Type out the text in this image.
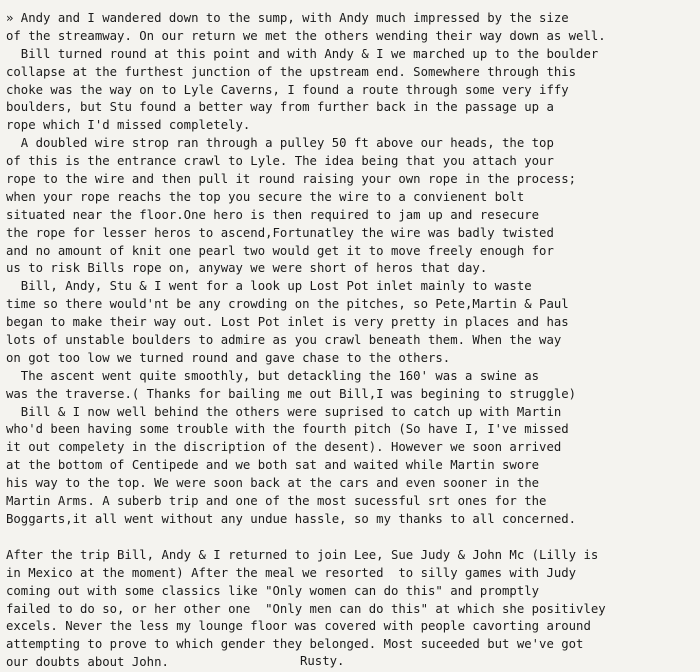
» Andy and I wandered down to the sump, with Andy much impressed by the size
of the streamway. On our return we met the others wending their way down as well.
Bill turned round at this point and with Andy & I we marched up to the boulder
collapse at the furthest junction of the upstream end. Somewhere through this
choke was the way on to Lyle Caverns, I found a route through some very iffy
boulders, but Stu found a better way from further back in the passage up a
rope which I'd missed completely.
A doubled wire strop ran through a pulley 50 ft above our heads, the top
of this is the entrance crawl to Lyle. The idea being that you attach your
rope to the wire and then pull it round raising your own rope in the process;
when your rope reachs the top you secure the wire to a convienent bolt
situated near the floor.One hero is then required to jam up and resecure
the rope for lesser heros to ascend,Fortunatley the wire was badly twisted
and no amount of knit one pearl two would get it to move freely enough for
us to risk Bills rope on, anyway we were short of heros that day.
Bill, Andy, Stu & I went for a look up Lost Pot inlet mainly to waste
time so there would'nt be any crowding on the pitches, so Pete,Martin & Paul
began to make their way out. Lost Pot inlet is very pretty in places and has
lots of unstable boulders to admire as you crawl beneath them. When the way
on got too low we turned round and gave chase to the others.
The ascent went quite smoothly, but detackling the 160' was a swine as
was the traverse.( Thanks for bailing me out Bill,I was begining to struggle)
Bill & I now well behind the others were suprised to catch up with Martin
who'd been having some trouble with the fourth pitch (So have I, I've missed
it out compelety in the discription of the desent). However we soon arrived
at the bottom of Centipede and we both sat and waited while Martin swore
his way to the top. We were soon back at the cars and even sooner in the
Martin Arms. A suberb trip and one of the most sucessful srt ones for the
Boggarts,it all went without any undue hassle, so my thanks to all concerned.
After the trip Bill, Andy & I returned to join Lee, Sue Judy & John Mc (Lilly is
in Mexico at the moment) After the meal we resorted  to silly games with Judy
coming out with some classics like "Only women can do this" and promptly
failed to do so, or her other one  "Only men can do this" at which she positivley
excels. Never the less my lounge floor was covered with people cavorting around
attempting to prove to which gender they belonged. Most suceeded but we've got
our doubts about John.	Rusty.
